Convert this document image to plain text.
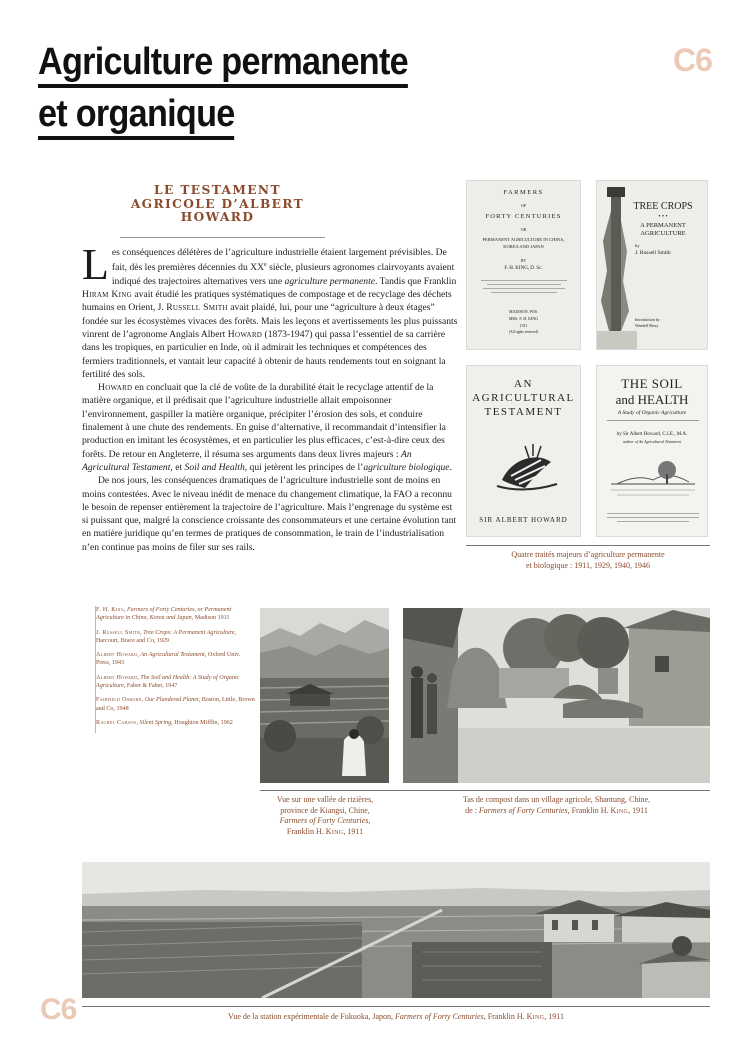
Agriculture permanente
et organique
C6
LE TESTAMENT AGRICOLE D’ALBERT HOWARD

Les conséquences délétères de l’agriculture industrielle étaient largement prévisibles. De fait, dès les premières décennies du XXe siècle, plusieurs agronomes clairvoyants avaient indiqué des trajectoires alternatives vers une agriculture permanente. Tandis que Franklin Hiram King avait étudié les pratiques systématiques de compostage et de recyclage des déchets humains en Orient, J. Russell Smith avait plaidé, lui, pour une “agriculture à deux étages” fondée sur les écosystèmes vivaces des forêts. Mais les leçons et avertissements les plus puissants vinrent de l’agronome Anglais Albert Howard (1873-1947) qui passa l’essentiel de sa carrière dans les tropiques, en particulier en Inde, où il admirait les techniques et compétences des fermiers traditionnels, et vantait leur capacité à obtenir de hauts rendements tout en soignant la fertilité des sols.

Howard en concluait que la clé de voûte de la durabilité était le recyclage attentif de la matière organique, et il prédisait que l’agriculture industrielle allait empoisonner l’environnement, gaspiller la matière organique, précipiter l’érosion des sols, et conduire finalement à une chute des rendements. En guise d’alternative, il recommandait d’intensifier la production en imitant les écosystèmes, et en particulier les plus efficaces, c’est-à-dire ceux des forêts. De retour en Angleterre, il résuma ses arguments dans deux livres majeurs : An Agricultural Testament, et Soil and Health, qui jetèrent les principes de l’agriculture biologique.

De nos jours, les conséquences dramatiques de l’agriculture industrielle sont de moins en moins contestées. Avec le niveau inédit de menace du changement climatique, la FAO a reconnu le besoin de repenser entièrement la trajectoire de l’agriculture. Mais l’engrenage du système est si puissant que, malgré la conscience croissante des consommateurs et une certaine évolution tant en matière juridique qu’en termes de pratiques de consommation, le train de l’industrialisation n’en continue pas moins de filer sur ses rails.

FARMERS
OF
FORTY CENTURIES
OR
PERMANENT AGRICULTURE IN CHINA,
KOREA AND JAPAN
BY
F. H. KING, D. Sc.
MADISON, WIS.
MRS. F. H. KING
1911
(All rights reserved)
TREE CROPS
• • •
A PERMANENT
AGRICULTURE
by
J. Russell Smith
Introduction by
Wendell Berry
AN
AGRICULTURAL
TESTAMENT
SIR ALBERT HOWARD
THE SOIL
and HEALTH
A Study of Organic Agriculture
by Sir Albert Howard, C.I.E., M.A.
author of An Agricultural Testament
Quatre traités majeurs d’agriculture permanente
et biologique : 1911, 1929, 1940, 1946
F. H. King, Farmers of Forty Centuries, or Permanent Agriculture in China, Korea and Japan, Madison 1911
J. Russell Smith, Tree Crops: A Permanent Agriculture, Harcourt, Brace and Co, 1929
Albert Howard, An Agricultural Testament, Oxford Univ. Press, 1943
Albert Howard, The Soil and Health: A Study of Organic Agriculture, Faber & Faber, 1947
Fairfield Osborn, Our Plundered Planet, Boston, Little, Brown and Co, 1948
Rachel Carson, Silent Spring, Houghton Mifflin, 1962
Vue sur une vallée de rizières,
province de Kiangsi, Chine,
Farmers of Forty Centuries,
Franklin H. King, 1911
Tas de compost dans un village agricole, Shantung, Chine,
de : Farmers of Forty Centuries, Franklin H. King, 1911
C6	Vue de la station expérimentale de Fukuoka, Japon, Farmers of Forty Centuries, Franklin H. King, 1911
